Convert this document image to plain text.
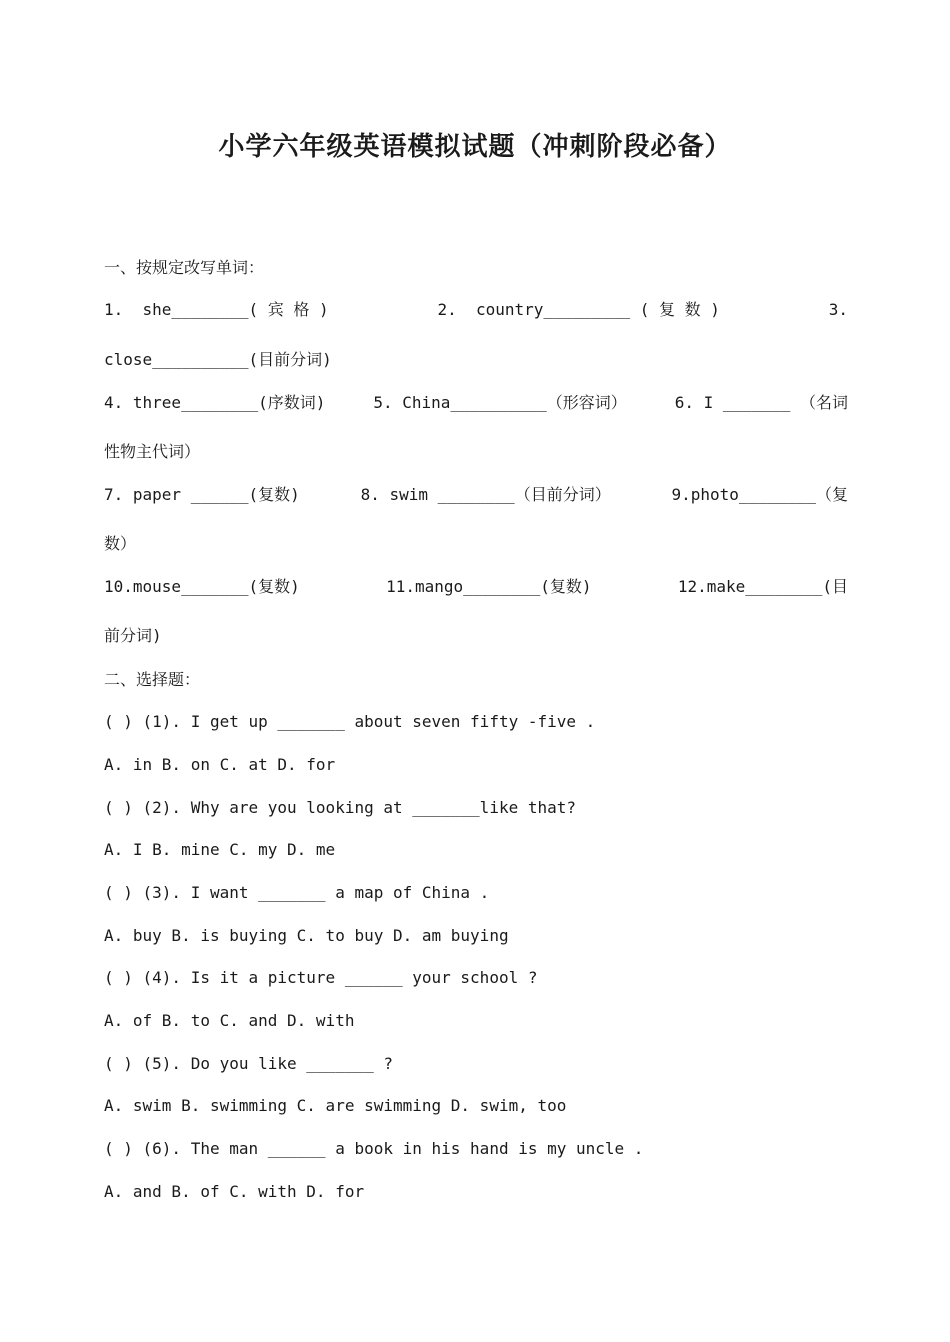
小学六年级英语模拟试题（冲刺阶段必备）
一、按规定改写单词：
1.  she________( 宾 格 )	2.  country_________ ( 复 数 )	3.
close__________(目前分词)
4. three________(序数词)	5. China__________（形容词）	6. I _______ （名词
性物主代词）
7. paper ______(复数)	8. swim ________（目前分词）	9.photo________（复
数）
10.mouse_______(复数)	11.mango________(复数)	12.make________(目
前分词)
二、选择题：
( ) (1). I get up _______ about seven fifty -five .
A. in B. on C. at D. for
( ) (2). Why are you looking at _______like that?
A. I B. mine C. my D. me
( ) (3). I want _______ a map of China .
A. buy B. is buying C. to buy D. am buying
( ) (4). Is it a picture ______ your school ?
A. of B. to C. and D. with
( ) (5). Do you like _______ ?
A. swim B. swimming C. are swimming D. swim, too
( ) (6). The man ______ a book in his hand is my uncle .
A. and B. of C. with D. for
